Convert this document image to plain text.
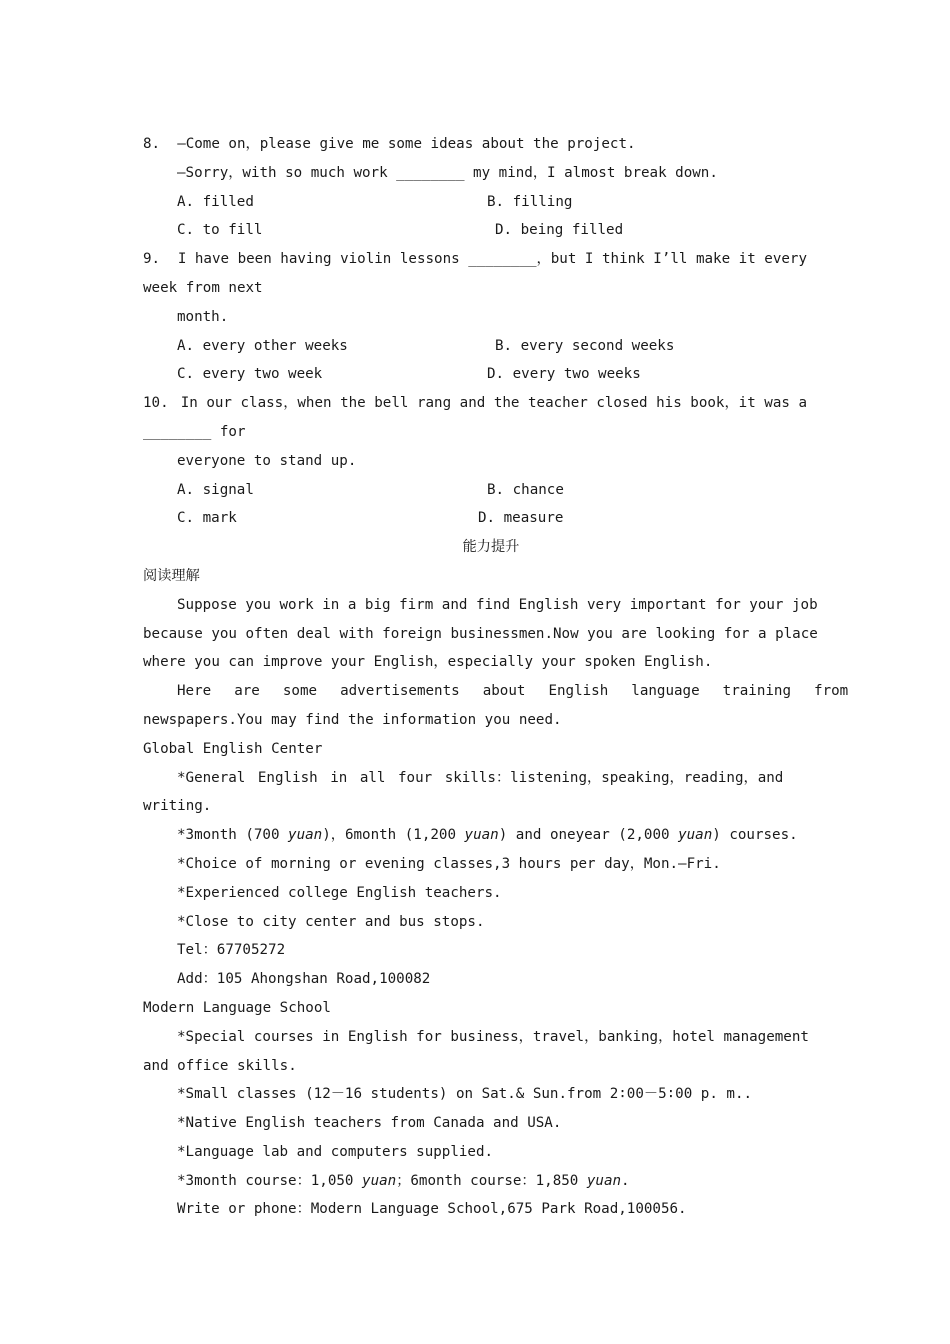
8. —Come on，please give me some ideas about the project.
—Sorry，with so much work ________ my mind，I almost break down.
A. filled	B. filling
C. to fill	D. being filled
9. I have been having violin lessons ________，but I think I’ll make it every
week from next
month.
A. every other weeks	B. every second weeks
C. every two week	D. every two weeks
10. In our class，when the bell rang and the teacher closed his book，it was a
________ for
everyone to stand up.
A. signal	B. chance
C. mark	D. measure
能力提升
阅读理解
Suppose you work in a big firm and find English very important for your job
because you often deal with foreign businessmen.Now you are looking for a place
where you can improve your English，especially your spoken English.
Here are some advertisements about English language training from
newspapers.You may find the information you need.
Global English Center
*General English in all four skills：listening，speaking，reading，and
writing.
*3month (700 yuan)，6month (1,200 yuan) and oneyear (2,000 yuan) courses.
*Choice of morning or evening classes,3 hours per day，Mon.—Fri.
*Experienced college English teachers.
*Close to city center and bus stops.
Tel：67705272
Add：105 Ahongshan Road,100082
Modern Language School
*Special courses in English for business，travel，banking，hotel management
and office skills.
*Small classes (12－16 students) on Sat.& Sun.from 2∶00－5∶00 p. m..
*Native English teachers from Canada and USA.
*Language lab and computers supplied.
*3month course：1,050 yuan；6month course：1,850 yuan.
Write or phone：Modern Language School,675 Park Road,100056.
